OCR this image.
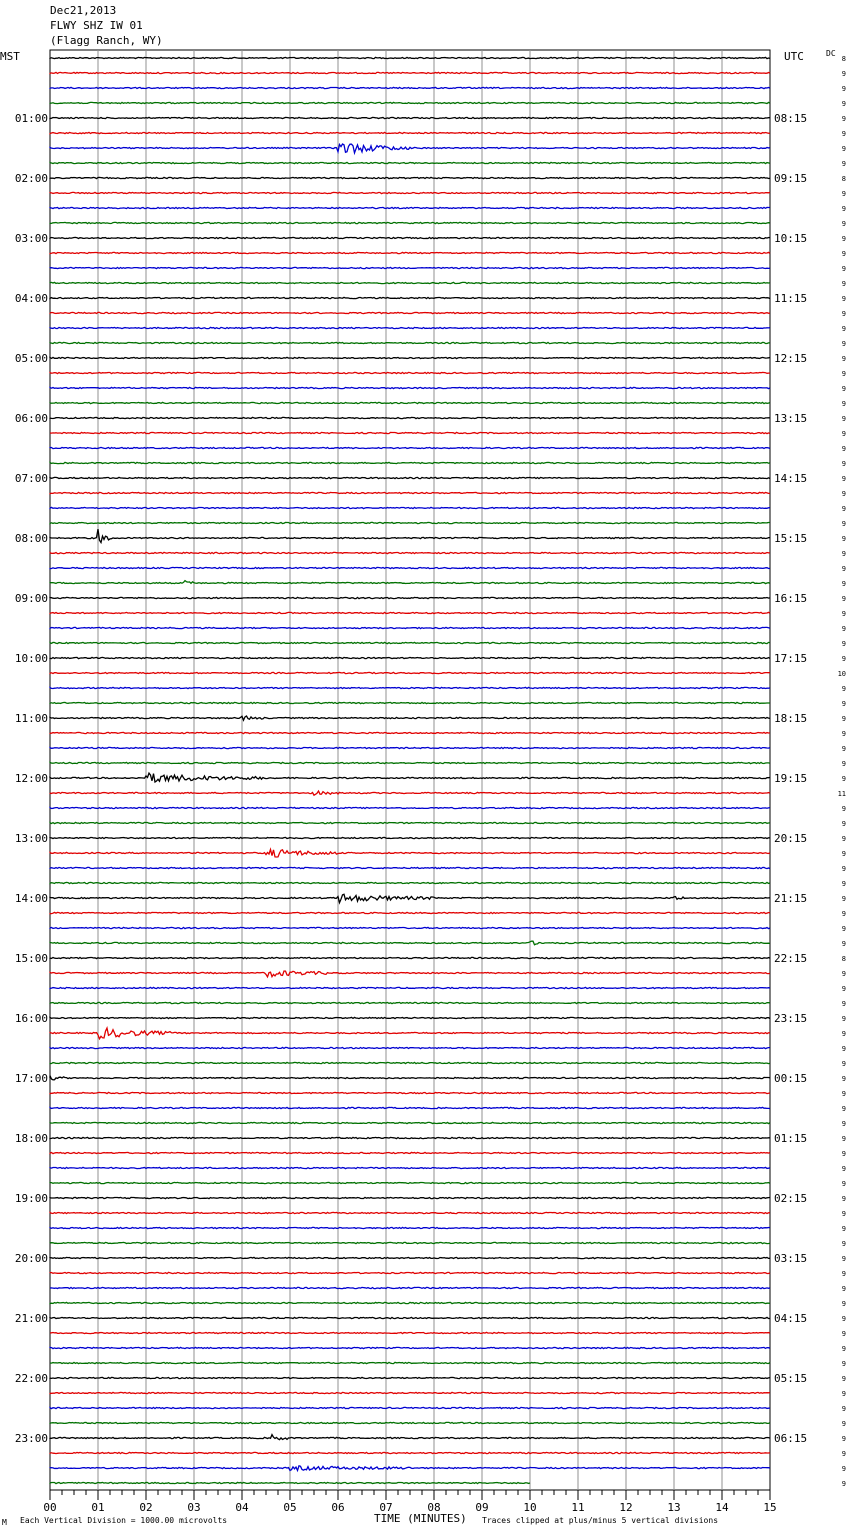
00	01	02	03	04	05	06	07	08	09	10	11	12	13	14	15
01:00
02:00
03:00
04:00
05:00
06:00
07:00
08:00
09:00
10:00
11:00
12:00
13:00
14:00
15:00
16:00
17:00
18:00
19:00
20:00
21:00
22:00
23:00
08:15
09:15
10:15
11:15
12:15
13:15
14:15
15:15
16:15
17:15
18:15
19:15
20:15
21:15
22:15
23:15
00:15
01:15
02:15
03:15
04:15
05:15
06:15
8
9
9
9
9
9
9
9
8
9
9
9
9
9
9
9
9
9
9
9
9
9
9
9
9
9
9
9
9
9
9
9
9
9
9
9
9
9
9
9
9
10
9
9
9
9
9
9
9
11
9
9
9
9
9
9
9
9
9
9
8
9
9
9
9
9
9
9
9
9
9
9
9
9
9
9
9
9
9
9
9
9
9
9
9
9
9
9
9
9
9
9
9
9
9
9
Dec21,2013
FLWY SHZ IW 01
(Flagg Ranch, WY)
MST	UTC	DC
M Each Vertical Division = 1000.00 microvolts	TIME (MINUTES) Traces clipped at plus/minus 5 vertical divisions
